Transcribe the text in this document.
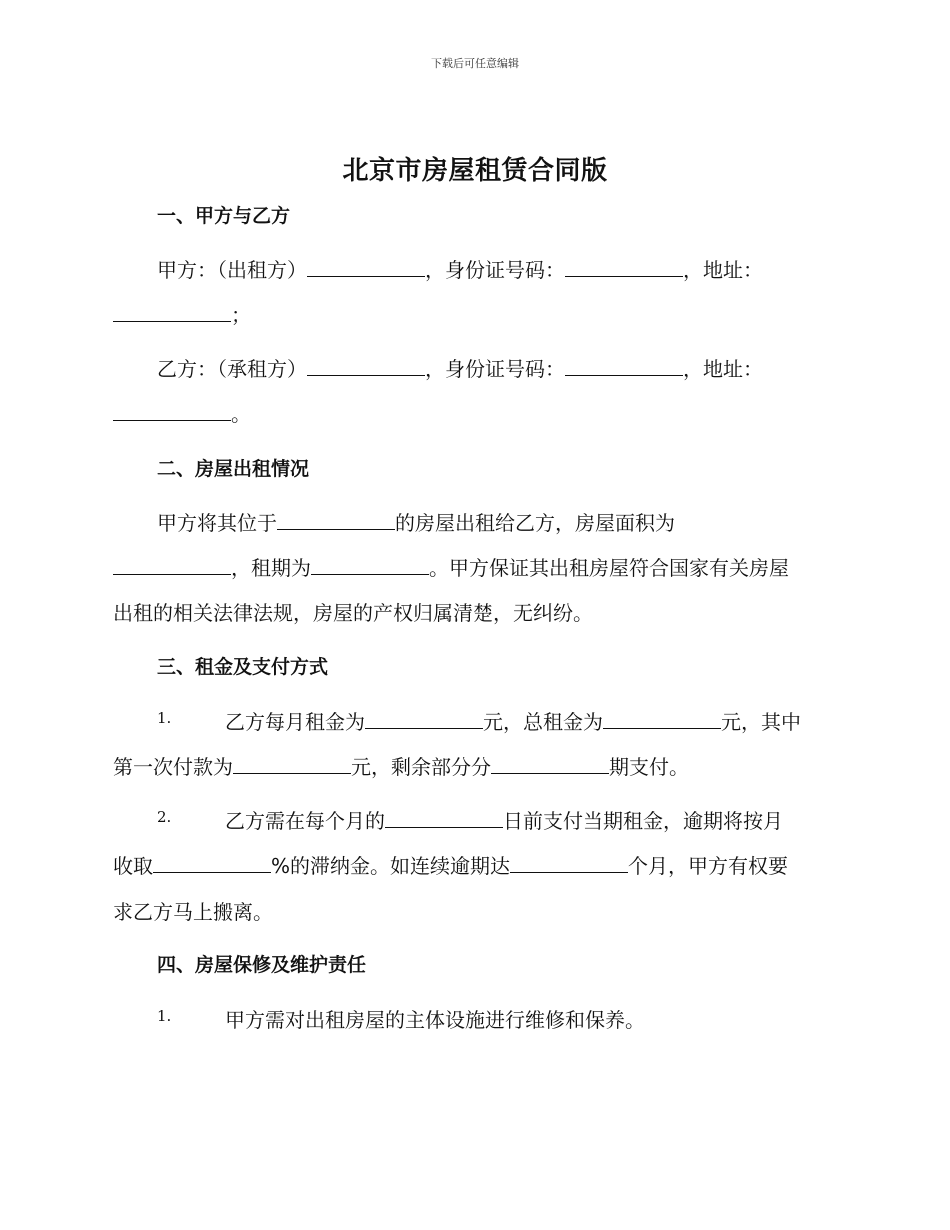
下载后可任意编辑
北京市房屋租赁合同版
一、甲方与乙方
甲方：（出租方）	，身份证号码：	，地址：
；
乙方：（承租方）	，身份证号码：	，地址：
。
二、房屋出租情况
甲方将其位于	的房屋出租给乙方，房屋面积为
，租期为	。甲方保证其出租房屋符合国家有关房屋
出租的相关法律法规，房屋的产权归属清楚，无纠纷。
三、租金及支付方式
1.	乙方每月租金为	元，总租金为	元，其中
第一次付款为	元，剩余部分分	期支付。
2.	乙方需在每个月的	日前支付当期租金，逾期将按月
收取	%的滞纳金。如连续逾期达	个月，甲方有权要
求乙方马上搬离。
四、房屋保修及维护责任
1.	甲方需对出租房屋的主体设施进行维修和保养。
